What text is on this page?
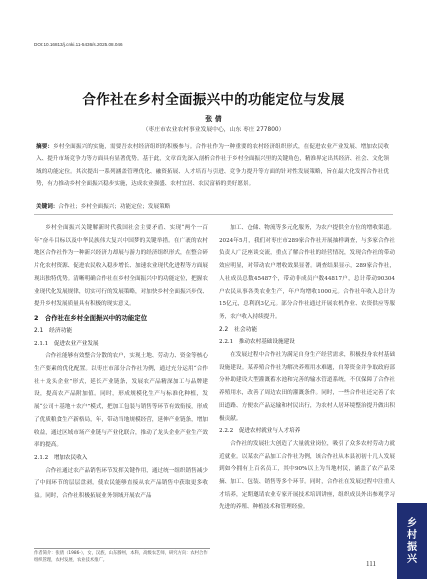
DOI:10.16813/j.cnki.11-5436/s.2025.08.046
合作社在乡村全面振兴中的功能定位与发展
张 倩
（枣庄市农业农村事业发展中心，山东 枣庄 277800）
摘要：乡村全面振兴的实施，需要吾农村经济组织的积极参与。合作社作为一种重要的农村经济组织形式，在促进农业产业发展、增加农民收入、提升市场竞争力等方面具有显著优势。基于此，文章首先深入剖析合作社于乡村全面振兴里的关键角色，精准界定出其经济、社会、文化领域的功能定位。其次提出一系列涵盖管理优化、融资拓展、人才培育与引进、竞争力提升等方面的针对性发展策略，旨在最大化发挥合作社优势，有力推动乡村全面振兴稳步实施，达成农业强盛、农村宜居、农民富裕的美好愿景。
关键词：合作社；乡村全面振兴；功能定位；发展策略

乡村全面振兴关键解新时代我国社会主要矛盾、实现“两个一百年”奋斗目标以及中华民族伟大复兴中国梦的关键举措。在广袤的农村地区合作社作为一种新兴经济力却展与游力的经济组织形式，在整合碎片化农村资源、促进农民收入稳步增长、加速农业现代化进程等方面展现出独特优势。清晰明确合作社在乡村全面振兴中的功能定位，把握农业现代化发展规律，切实可行的发展策略，对加快乡村全面振兴步伐、提升乡村发展质量具有积极的现实意义。

2　合作社在乡村全面振兴中的功能定位
2.1　经济功能
2.1.1　促进农业产业发展

合作社能够有效整合分散的农户，实现土地、劳动力、资金等核心生产要素的优化配置。以枣庄市部分合作社为例，通过充分运用“合作社＋龙头企业”形式，延长产业链条，发展农产品精深加工与品牌建设，提高农产品附加值。同时，形成规模化生产与标准化种植，发展“公司＋基地＋农户”模式，把加工包装与销售等环节有效衔接，形成了优质粮食生产新格局，年，带动当地规模经营，延伸产业链条，增加收益，通过区域市场产业链与产业化联合，推动了龙头企业产业生产效率的提高。

2.1.2　增加农民收入

合作社通过农产品销售环节发挥关键作用，通过统一组织销售减少了中间环节的层层盘剥，使农民能够直接从农产品销售中获取更多收益。同时，合作社积极拓展业务领域开展农产品

加工、仓储、物流等多元化服务，为农户提供全方位的增收渠道。2024年5月，我们对枣庄市289家合作社开展抽样调查，与多家合作社负责人广泛座谈交流，重点了解合作社的经营情况，发现合作社的带动效应明显，对带动农户增收效果显著。调查结果显示，289家合作社，人社成员总数45487个，带动非成员户数44817户，总计带动90304户农民从事各类农业生产，年户均增收1000元。合作社年收入总计为15亿元，总利润3亿元。部分合作社通过开展农机作业、农资供应等服务，农户收入持续提升。

2.2　社会功能
2.2.1　推动农村基础设施建设

在发展过程中合作社为满足自身生产经营需求，积极投身农村基础设施建设。某养殖合作社为解决养殖用水难题，自筹资金并争取政府部分补助建设大型灌溉蓄水池和完善的输水管道系统，不仅保障了合作社养殖用水，改善了周边农田的灌溉条件。同时，一些合作社还完善了农田道路、方便农产品运输和村民出行，为农村人居环境整治提升做出积极贡献。

2.2.2　促进农村就业与人才培养

合作社的发展壮大创造了大量就业岗位，吸引了众多农村劳动力就近就业。以某农产品加工合作社为例，该合作社从本县初初十几人发展到如今拥有上百名员工，其中90%以上为当地村民，涵盖了农产品采摘、加工、包装、销售等多个环节。同时，合作社在发展过程中注重人才培养，定期邀请农业专家开展技术培训讲座，组织成员外出参观学习先进的养殖、种植技术和管理经验。

作者简介：张倩（1986-），女，汉族，山东滕州，本科，高级农艺师，研究方向：农村合作组织管理，农村发展、农业技术推广。
乡村振兴
111
